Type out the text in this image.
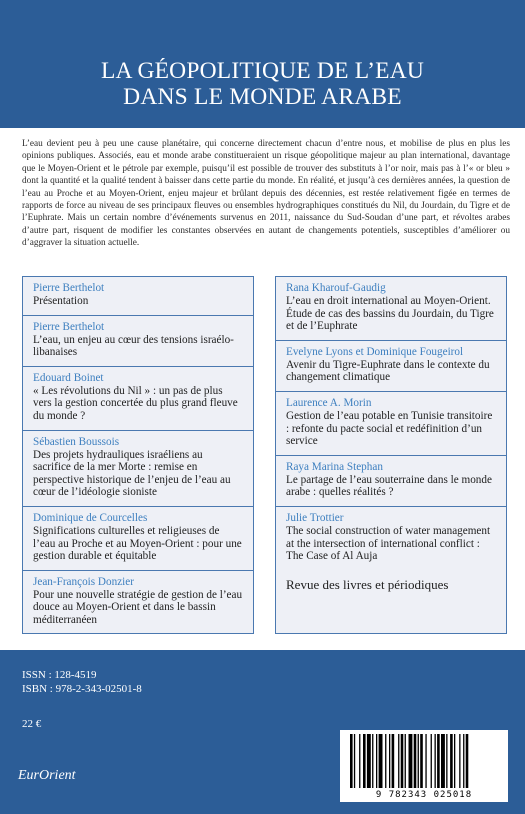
LA GÉOPOLITIQUE DE L’EAU
DANS LE MONDE ARABE
L’eau devient peu à peu une cause planétaire, qui concerne directement chacun d’entre nous, et mobilise de plus en plus les opinions publiques. Associés, eau et monde arabe constitueraient un risque géopolitique majeur au plan international, davantage que le Moyen-Orient et le pétrole par exemple, puisqu’il est possible de trouver des substituts à l’or noir, mais pas à l’« or bleu » dont la quantité et la qualité tendent à baisser dans cette partie du monde. En réalité, et jusqu’à ces dernières années, la question de l’eau au Proche et au Moyen-Orient, enjeu majeur et brûlant depuis des décennies, est restée relativement figée en termes de rapports de force au niveau de ses principaux fleuves ou ensembles hydrographiques constitués du Nil, du Jourdain, du Tigre et de l’Euphrate. Mais un certain nombre d’événements survenus en 2011, naissance du Sud-Soudan d’une part, et révoltes arabes d’autre part, risquent de modifier les constantes observées en autant de changements potentiels, susceptibles d’améliorer ou d’aggraver la situation actuelle.
Pierre Berthelot
Présentation
Pierre Berthelot
L’eau, un enjeu au cœur des tensions israélo-libanaises
Edouard Boinet
« Les révolutions du Nil » : un pas de plus vers la gestion concertée du plus grand fleuve du monde ?
Sébastien Boussois
Des projets hydrauliques israéliens au sacrifice de la mer Morte : remise en perspective historique de l’enjeu de l’eau au cœur de l’idéologie sioniste
Dominique de Courcelles
Significations culturelles et religieuses de l’eau au Proche et au Moyen-Orient : pour une gestion durable et équitable
Jean-François Donzier
Pour une nouvelle stratégie de gestion de l’eau douce au Moyen-Orient et dans le bassin méditerranéen
Rana Kharouf-Gaudig
L’eau en droit international au Moyen-Orient. Étude de cas des bassins du Jourdain, du Tigre et de l’Euphrate
Evelyne Lyons et Dominique Fougeirol
Avenir du Tigre-Euphrate dans le contexte du changement climatique
Laurence A. Morin
Gestion de l’eau potable en Tunisie transitoire : refonte du pacte social et redéfinition d’un service
Raya Marina Stephan
Le partage de l’eau souterraine dans le monde arabe : quelles réalités ?
Julie Trottier
The social construction of water management at the intersection of international conflict : The Case of Al Auja
Revue des livres et périodiques
ISSN : 128-4519
ISBN : 978-2-343-02501-8
22 €
EurOrient
9 782343 025018
